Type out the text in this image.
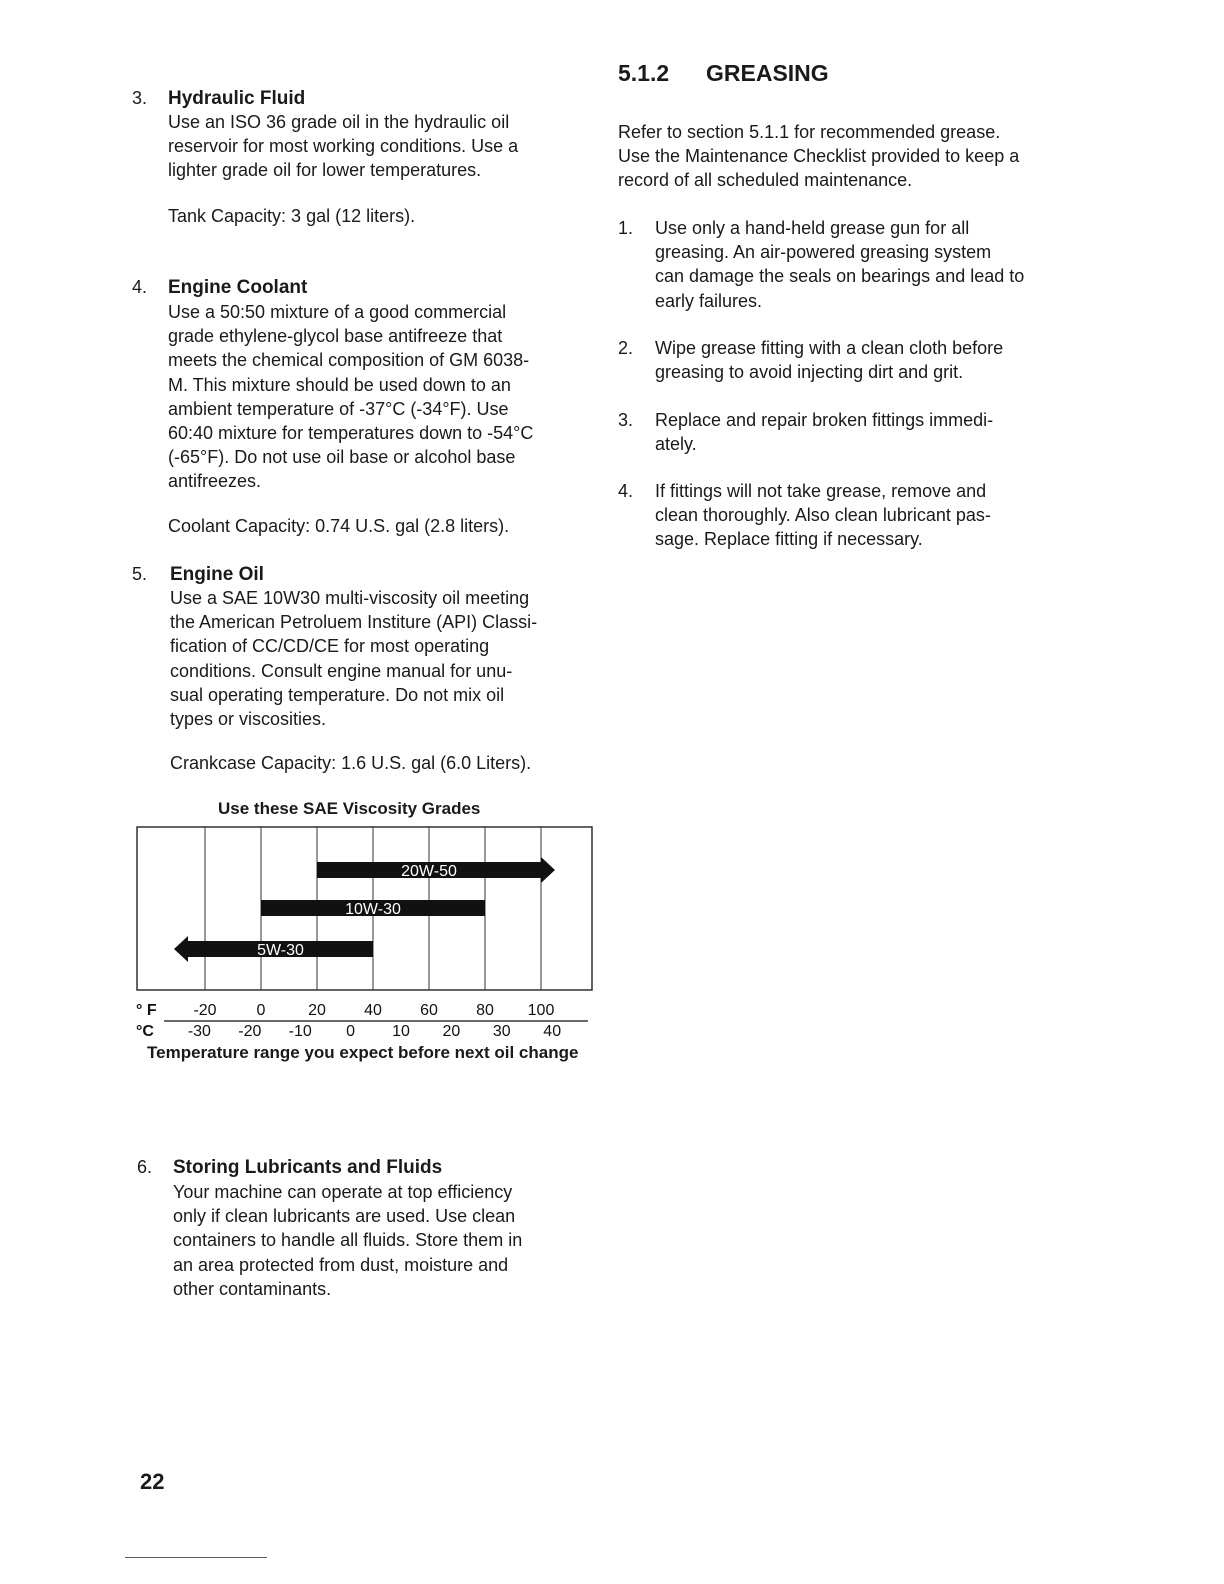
3. Hydraulic Fluid
Use an ISO 36 grade oil in the hydraulic oil
reservoir for most working conditions. Use a
lighter grade oil for lower temperatures.
Tank Capacity: 3 gal (12 liters).
4. Engine Coolant
Use a 50:50 mixture of a good commercial
grade ethylene-glycol base antifreeze that
meets the chemical composition of GM 6038-
M. This mixture should be used down to an
ambient temperature of -37°C (-34°F). Use
60:40 mixture for temperatures down to -54°C
(-65°F). Do not use oil base or alcohol base
antifreezes.
Coolant Capacity: 0.74 U.S. gal (2.8 liters).
5. Engine Oil
Use a SAE 10W30 multi-viscosity oil meeting
the American Petroluem Institure (API) Classi-
fication of CC/CD/CE for most operating
conditions. Consult engine manual for unu-
sual operating temperature. Do not mix oil
types or viscosities.
Crankcase Capacity: 1.6 U.S. gal (6.0 Liters).
Use these SAE Viscosity Grades
20W-50
10W-30
5W-30
° F -20 0	20 40 60 80 100
°C -30 -20 -10 0 10 20 30 40
Temperature range you expect before next oil change
6. Storing Lubricants and Fluids
Your machine can operate at top efficiency
only if clean lubricants are used. Use clean
containers to handle all fluids. Store them in
an area protected from dust, moisture and
other contaminants.
5.1.2 GREASING
Refer to section 5.1.1 for recommended grease.
Use the Maintenance Checklist provided to keep a
record of all scheduled maintenance.
1. Use only a hand-held grease gun for all
greasing. An air-powered greasing system
can damage the seals on bearings and lead to
early failures.
2. Wipe grease fitting with a clean cloth before
greasing to avoid injecting dirt and grit.
3. Replace and repair broken fittings immedi-
ately.
4. If fittings will not take grease, remove and
clean thoroughly. Also clean lubricant pas-
sage. Replace fitting if necessary.
22
